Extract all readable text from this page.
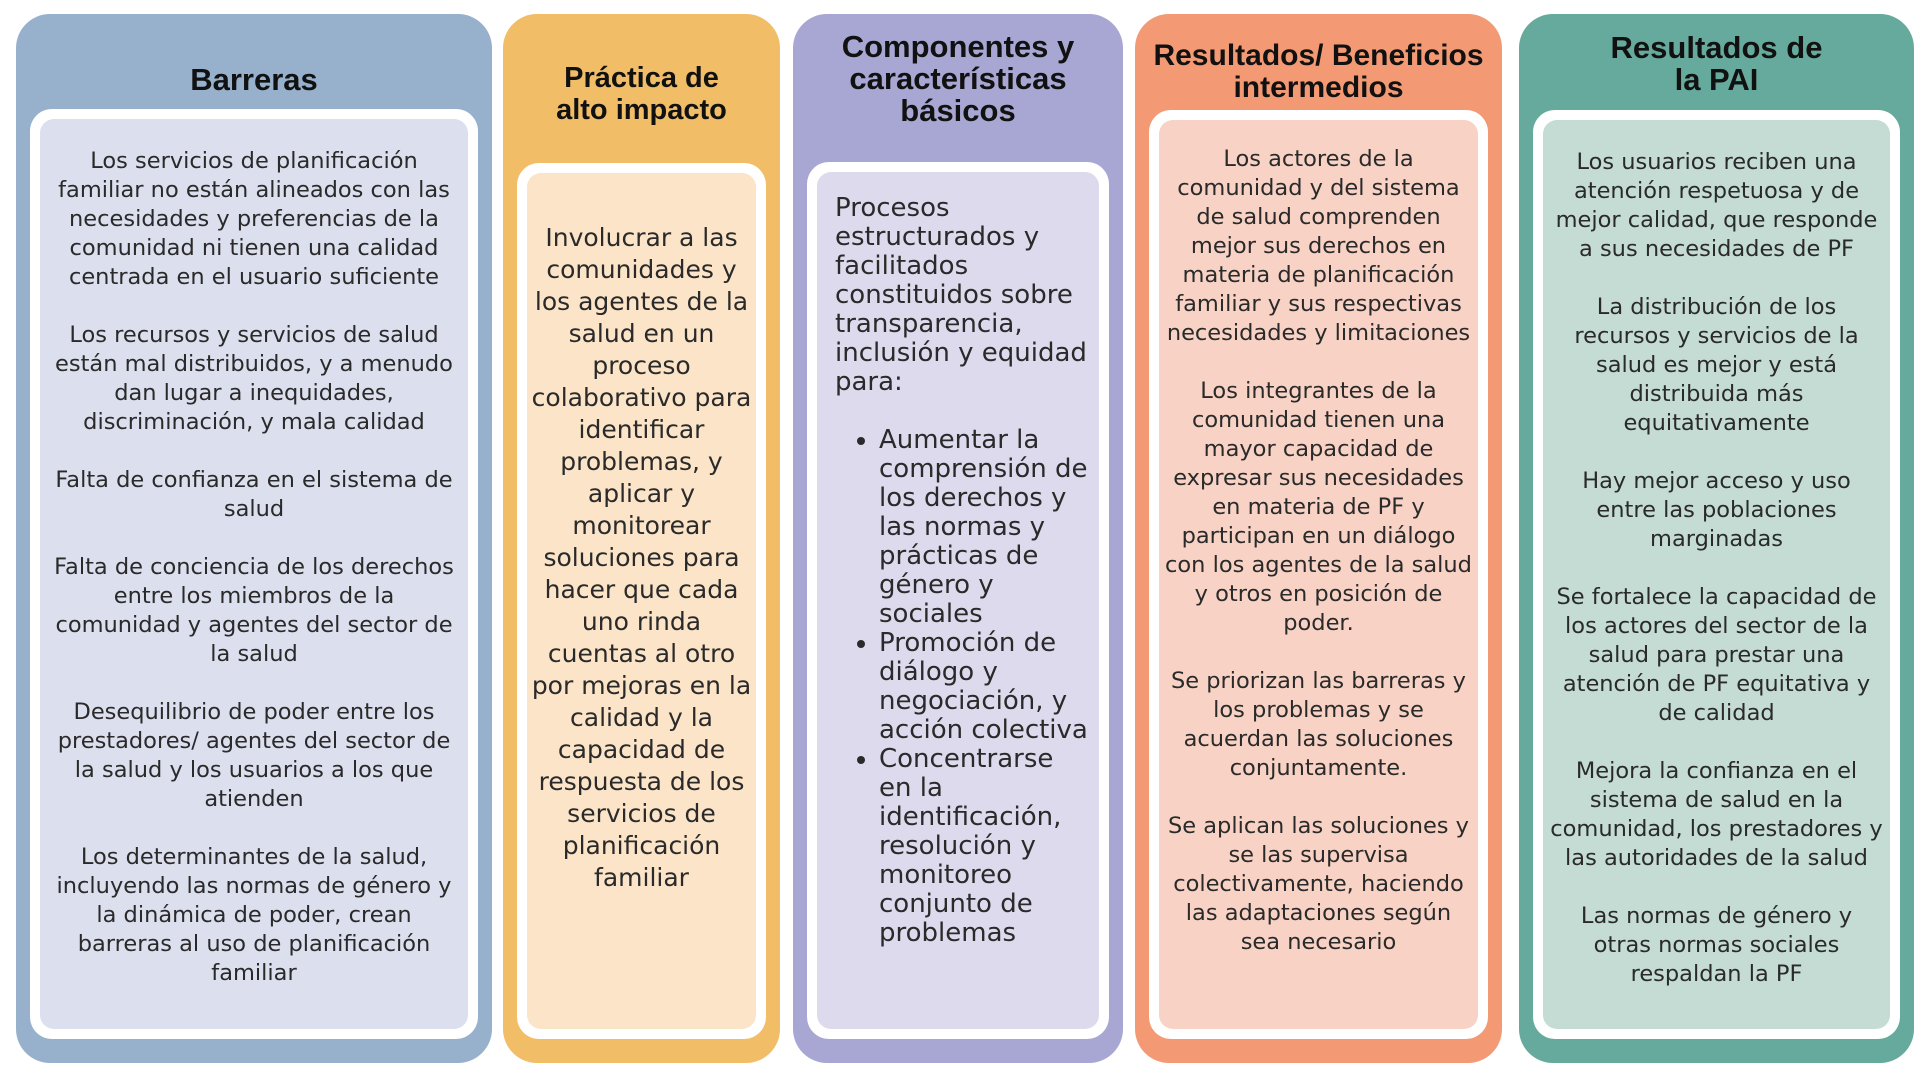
Barreras

Los servicios de planificación familiar no están alineados con las necesidades y preferencias de la comunidad ni tienen una calidad centrada en el usuario suficiente

Los recursos y servicios de salud están mal distribuidos, y a menudo dan lugar a inequidades, discriminación, y mala calidad

Falta de confianza en el sistema de salud

Falta de conciencia de los derechos entre los miembros de la comunidad y agentes del sector de la salud

Desequilibrio de poder entre los prestadores/ agentes del sector de la salud y los usuarios a los que atienden

Los determinantes de la salud, incluyendo las normas de género y la dinámica de poder, crean barreras al uso de planificación familiar

Práctica de
alto impacto
Involucrar a las comunidades y los agentes de la salud en un proceso colaborativo para identificar problemas, y aplicar y monitorear soluciones para hacer que cada uno rinda cuentas al otro por mejoras en la calidad y la capacidad de respuesta de los servicios de planificación familiar
Componentes y
características
básicos

Procesos estructurados y facilitados constituidos sobre transparencia, inclusión y equidad para:

• Aumentar la comprensión de los derechos y las normas y prácticas de género y sociales
• Promoción de diálogo y negociación, y acción colectiva
• Concentrarse en la identificación, resolución y monitoreo conjunto de problemas
Resultados/ Beneficios
intermedios

Los actores de la comunidad y del sistema de salud comprenden mejor sus derechos en materia de planificación familiar y sus respectivas necesidades y limitaciones

Los integrantes de la comunidad tienen una mayor capacidad de expresar sus necesidades en materia de PF y participan en un diálogo con los agentes de la salud y otros en posición de poder.

Se priorizan las barreras y los problemas y se acuerdan las soluciones conjuntamente.

Se aplican las soluciones y se las supervisa colectivamente, haciendo las adaptaciones según sea necesario

Resultados de
la PAI

Los usuarios reciben una atención respetuosa y de mejor calidad, que responde a sus necesidades de PF

La distribución de los recursos y servicios de la salud es mejor y está distribuida más equitativamente

Hay mejor acceso y uso entre las poblaciones marginadas

Se fortalece la capacidad de los actores del sector de la salud para prestar una atención de PF equitativa y de calidad

Mejora la confianza en el sistema de salud en la comunidad, los prestadores y las autoridades de la salud

Las normas de género y otras normas sociales respaldan la PF
